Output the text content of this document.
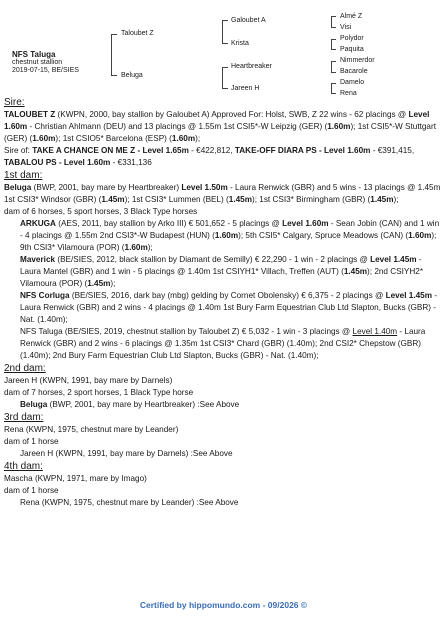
NFS Taluga
chestnut stallion
2019-07-15, BE/SIES
Taloubet Z
Beluga
Galoubet A
Krista
Heartbreaker
Jareen H
Almé Z
Visi
Polydor
Paquita
Nimmerdor
Bacarole
Damelo
Rena

Sire:

TALOUBET Z (KWPN, 2000, bay stallion by Galoubet A) Approved For: Holst, SWB, Z 22 wins - 62 placings @ Level 1.60m - Christian Ahlmann (DEU) and 13 placings @ 1.55m 1st CSI5*-W Leipzig (GER) (1.60m); 1st CSI5*-W Stuttgart (GER) (1.60m); 1st CSIO5* Barcelona (ESP) (1.60m);

Sire of: TAKE A CHANCE ON ME Z - Level 1.65m - €422,812, TAKE-OFF DIARA PS - Level 1.60m - €391,415, TABALOU PS - Level 1.60m - €331,136

1st dam:

Beluga (BWP, 2001, bay mare by Heartbreaker) Level 1.50m - Laura Renwick (GBR) and 5 wins - 13 placings @ 1.45m 1st CSI3* Windsor (GBR) (1.45m); 1st CSI3* Lummen (BEL) (1.45m); 1st CSI3* Birmingham (GBR) (1.45m);

dam of 6 horses, 5 sport horses, 3 Black Type horses

ARKUGA (AES, 2011, bay stallion by Arko III) € 501,652 - 5 placings @ Level 1.60m - Sean Jobin (CAN) and 1 win - 4 placings @ 1.55m 2nd CSI3*-W Budapest (HUN) (1.60m); 5th CSI5* Calgary, Spruce Meadows (CAN) (1.60m); 9th CSI3* Vilamoura (POR) (1.60m);

Maverick (BE/SIES, 2012, black stallion by Diamant de Semilly) € 22,290 - 1 win - 2 placings @ Level 1.45m - Laura Mantel (GBR) and 1 win - 5 placings @ 1.40m 1st CSIYH1* Villach, Treffen (AUT) (1.45m); 2nd CSIYH2* Vilamoura (POR) (1.45m);

NFS Corluga (BE/SIES, 2016, dark bay (mbg) gelding by Cornet Obolensky) € 6,375 - 2 placings @ Level 1.45m - Laura Renwick (GBR) and 2 wins - 4 placings @ 1.40m 1st Bury Farm Equestrian Club Ltd Slapton, Bucks (GBR) - Nat. (1.40m);

NFS Taluga (BE/SIES, 2019, chestnut stallion by Taloubet Z) € 5,032 - 1 win - 3 placings @ Level 1.40m - Laura Renwick (GBR) and 2 wins - 6 placings @ 1.35m 1st CSI3* Chard (GBR) (1.40m); 2nd CSI2* Chepstow (GBR) (1.40m); 2nd Bury Farm Equestrian Club Ltd Slapton, Bucks (GBR) - Nat. (1.40m);

2nd dam:

Jareen H (KWPN, 1991, bay mare by Darnels)

dam of 7 horses, 2 sport horses, 1 Black Type horse

Beluga (BWP, 2001, bay mare by Heartbreaker) :See Above

3rd dam:

Rena (KWPN, 1975, chestnut mare by Leander)

dam of 1 horse

Jareen H (KWPN, 1991, bay mare by Darnels) :See Above

4th dam:

Mascha (KWPN, 1971, mare by Imago)

dam of 1 horse

Rena (KWPN, 1975, chestnut mare by Leander) :See Above

Certified by hippomundo.com - 09/2026 ©
